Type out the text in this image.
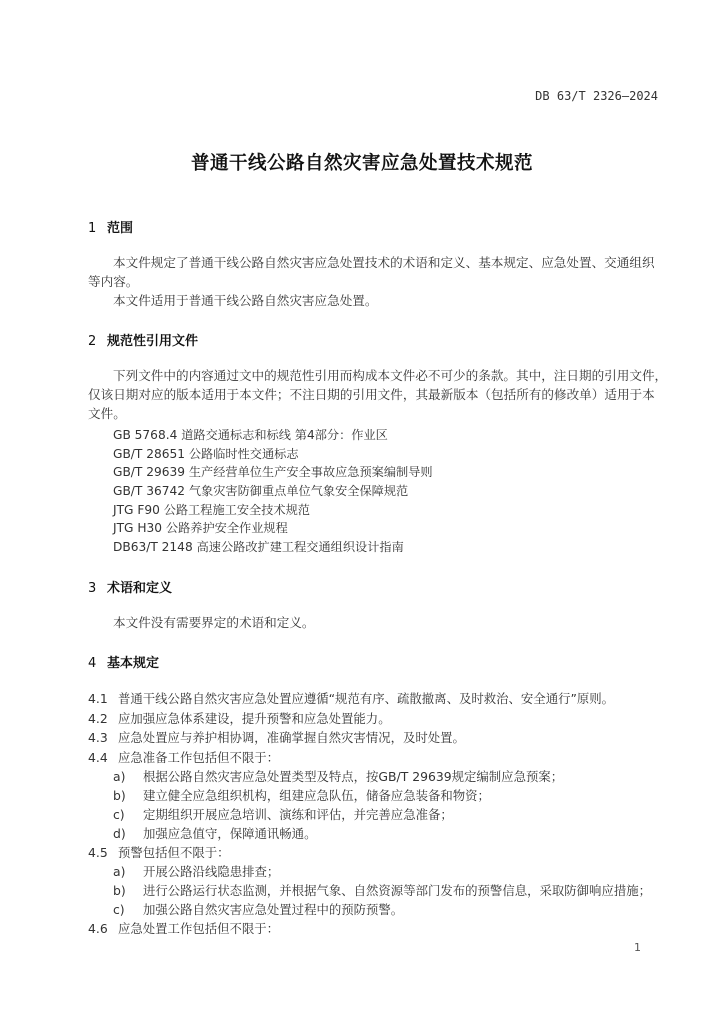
DB 63/T 2326—2024
普通干线公路自然灾害应急处置技术规范
1 范围
本文件规定了普通干线公路自然灾害应急处置技术的术语和定义、基本规定、应急处置、交通组织
等内容。
本文件适用于普通干线公路自然灾害应急处置。
2 规范性引用文件
下列文件中的内容通过文中的规范性引用而构成本文件必不可少的条款。其中，注日期的引用文件，
仅该日期对应的版本适用于本文件；不注日期的引用文件，其最新版本（包括所有的修改单）适用于本
文件。
GB 5768.4 道路交通标志和标线 第4部分：作业区
GB/T 28651 公路临时性交通标志
GB/T 29639 生产经营单位生产安全事故应急预案编制导则
GB/T 36742 气象灾害防御重点单位气象安全保障规范
JTG F90 公路工程施工安全技术规范
JTG H30 公路养护安全作业规程
DB63/T 2148 高速公路改扩建工程交通组织设计指南
3 术语和定义
本文件没有需要界定的术语和定义。
4 基本规定
4.1 普通干线公路自然灾害应急处置应遵循“规范有序、疏散撤离、及时救治、安全通行”原则。
4.2 应加强应急体系建设，提升预警和应急处置能力。
4.3 应急处置应与养护相协调，准确掌握自然灾害情况，及时处置。
4.4 应急准备工作包括但不限于：
a) 根据公路自然灾害应急处置类型及特点，按GB/T 29639规定编制应急预案；
b) 建立健全应急组织机构，组建应急队伍，储备应急装备和物资；
c) 定期组织开展应急培训、演练和评估，并完善应急准备；
d) 加强应急值守，保障通讯畅通。
4.5 预警包括但不限于：
a) 开展公路沿线隐患排查；
b) 进行公路运行状态监测，并根据气象、自然资源等部门发布的预警信息，采取防御响应措施；
c) 加强公路自然灾害应急处置过程中的预防预警。
4.6 应急处置工作包括但不限于：
1
